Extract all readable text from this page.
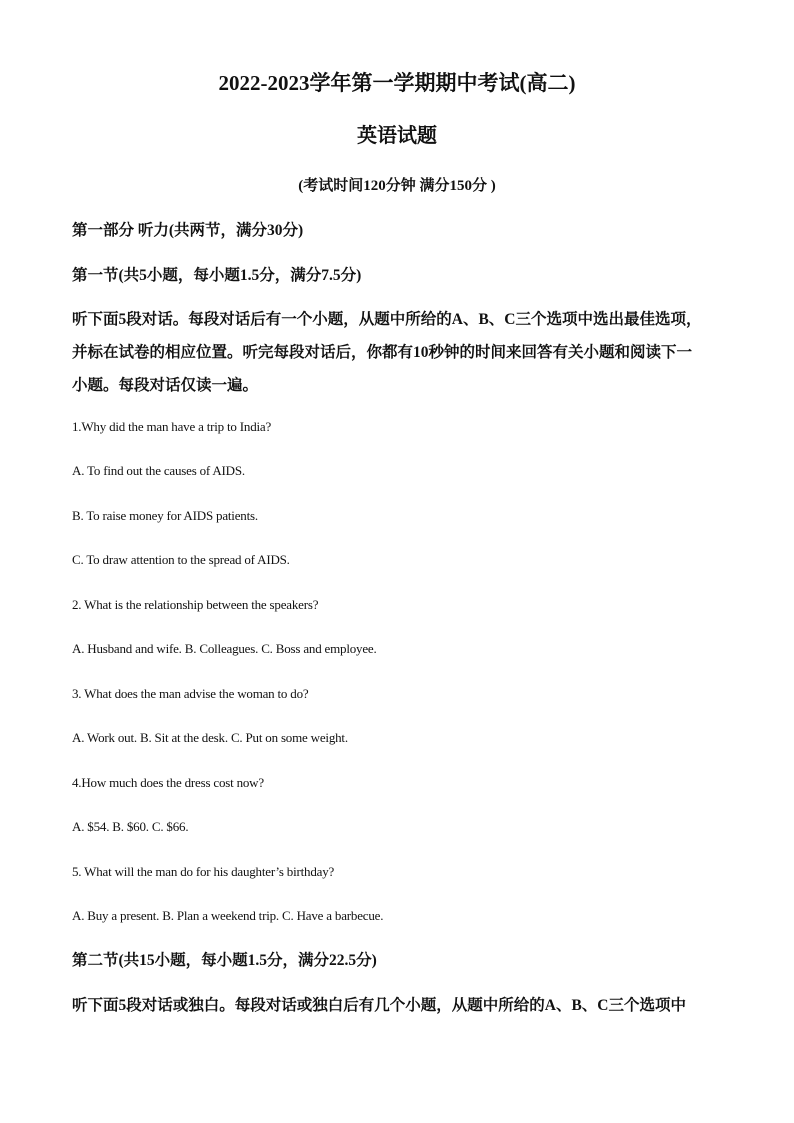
2022-2023学年第一学期期中考试(高二)
英语试题
(考试时间120分钟 满分150分 )
第一部分 听力(共两节，满分30分)
第一节(共5小题，每小题1.5分，满分7.5分)
听下面5段对话。每段对话后有一个小题，从题中所给的A、B、C三个选项中选出最佳选项，
并标在试卷的相应位置。听完每段对话后，你都有10秒钟的时间来回答有关小题和阅读下一
小题。每段对话仅读一遍。
1.Why did the man have a trip to India?
A. To find out the causes of AIDS.
B. To raise money for AIDS patients.
C. To draw attention to the spread of AIDS.
2. What is the relationship between the speakers?
A. Husband and wife. B. Colleagues. C. Boss and employee.
3. What does the man advise the woman to do?
A. Work out. B. Sit at the desk. C. Put on some weight.
4.How much does the dress cost now?
A. $54. B. $60. C. $66.
5. What will the man do for his daughter’s birthday?
A. Buy a present. B. Plan a weekend trip. C. Have a barbecue.
第二节(共15小题，每小题1.5分，满分22.5分)
听下面5段对话或独白。每段对话或独白后有几个小题，从题中所给的A、B、C三个选项中
